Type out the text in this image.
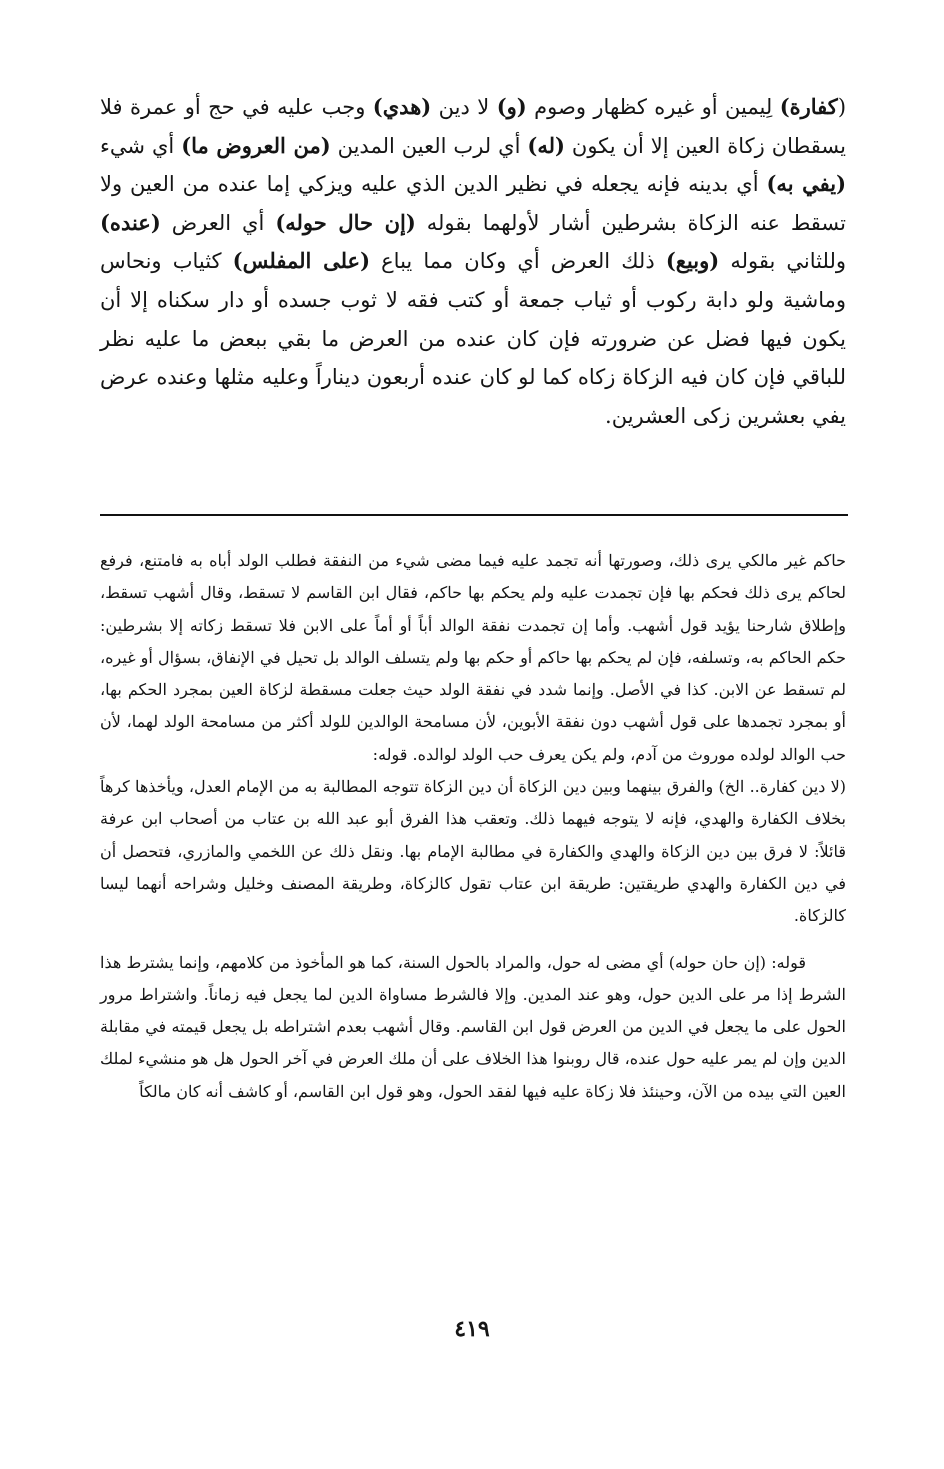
(كفارة) لِيمين أو غيره كظهار وصوم (و) لا دين (هدي) وجب عليه في حج أو عمرة فلا يسقطان زكاة العين إلا أن يكون (له) أي لرب العين المدين (من العروض ما) أي شيء (يفي به) أي بدينه فإنه يجعله في نظير الدين الذي عليه ويزكي إما عنده من العين ولا تسقط عنه الزكاة بشرطين أشار لأولهما بقوله (إن حال حوله) أي العرض (عنده) وللثاني بقوله (وبيع) ذلك العرض أي وكان مما يباع (على المفلس) كثياب ونحاس وماشية ولو دابة ركوب أو ثياب جمعة أو كتب فقه لا ثوب جسده أو دار سكناه إلا أن يكون فيها فضل عن ضرورته فإن كان عنده من العرض ما بقي ببعض ما عليه نظر للباقي فإن كان فيه الزكاة زكاه كما لو كان عنده أربعون ديناراً وعليه مثلها وعنده عرض يفي بعشرين زكى العشرين.

حاكم غير مالكي يرى ذلك، وصورتها أنه تجمد عليه فيما مضى شيء من النفقة فطلب الولد أباه به فامتنع، فرفع لحاكم يرى ذلك فحكم بها فإن تجمدت عليه ولم يحكم بها حاكم، فقال ابن القاسم لا تسقط، وقال أشهب تسقط، وإطلاق شارحنا يؤيد قول أشهب. وأما إن تجمدت نفقة الوالد أباً أو أماً على الابن فلا تسقط زكاته إلا بشرطين: حكم الحاكم به، وتسلفه، فإن لم يحكم بها حاكم أو حكم بها ولم يتسلف الوالد بل تحيل في الإنفاق، بسؤال أو غيره، لم تسقط عن الابن. كذا في الأصل. وإنما شدد في نفقة الولد حيث جعلت مسقطة لزكاة العين بمجرد الحكم بها، أو بمجرد تجمدها على قول أشهب دون نفقة الأبوين، لأن مسامحة الوالدين للولد أكثر من مسامحة الولد لهما، لأن حب الوالد لولده موروث من آدم، ولم يكن يعرف حب الولد لوالده. قوله:

(لا دين كفارة.. الخ) والفرق بينهما وبين دين الزكاة أن دين الزكاة تتوجه المطالبة به من الإمام العدل، ويأخذها كرهاً بخلاف الكفارة والهدي، فإنه لا يتوجه فيهما ذلك. وتعقب هذا الفرق أبو عبد الله بن عتاب من أصحاب ابن عرفة قائلاً: لا فرق بين دين الزكاة والهدي والكفارة في مطالبة الإمام بها. ونقل ذلك عن اللخمي والمازري، فتحصل أن في دين الكفارة والهدي طريقتين: طريقة ابن عتاب تقول كالزكاة، وطريقة المصنف وخليل وشراحه أنهما ليسا كالزكاة.

قوله: (إن حان حوله) أي مضى له حول، والمراد بالحول السنة، كما هو المأخوذ من كلامهم، وإنما يشترط هذا الشرط إذا مر على الدين حول، وهو عند المدين. وإلا فالشرط مساواة الدين لما يجعل فيه زماناً. واشتراط مرور الحول على ما يجعل في الدين من العرض قول ابن القاسم. وقال أشهب بعدم اشتراطه بل يجعل قيمته في مقابلة الدين وإن لم يمر عليه حول عنده، قال روبنوا هذا الخلاف على أن ملك العرض في آخر الحول هل هو منشيء لملك العين التي بيده من الآن، وحينئذ فلا زكاة عليه فيها لفقد الحول، وهو قول ابن القاسم، أو كاشف أنه كان مالكاً

٤١٩
